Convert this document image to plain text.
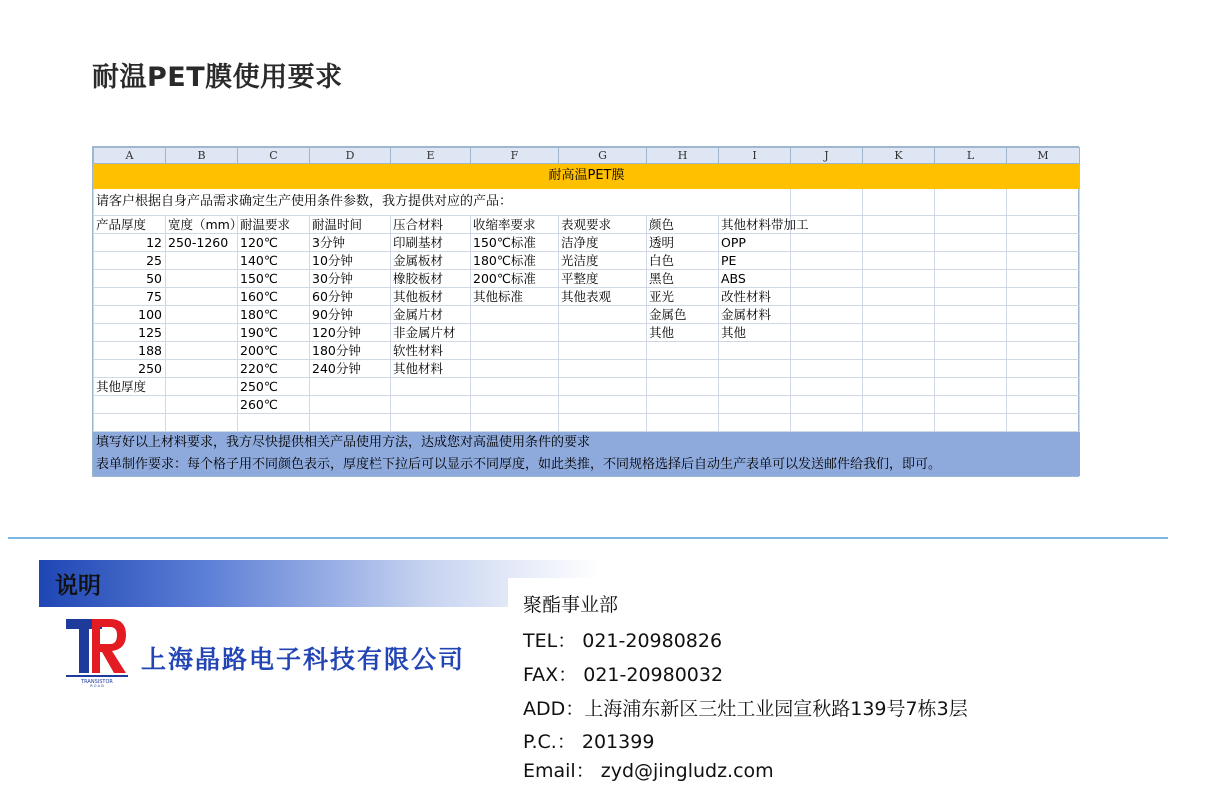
耐温PET膜使用要求
A	B	C	D	E	F	G	H	I	J	K	L	M
耐高温PET膜												
请客户根据自身产品需求确定生产使用条件参数，我方提供对应的产品：												
产品厚度	宽度（mm）	耐温要求	耐温时间	压合材料	收缩率要求	表观要求	颜色	其他材料带加工				
12	250-1260	120℃	3分钟	印刷基材	150℃标准	洁净度	透明	OPP				
25		140℃	10分钟	金属板材	180℃标准	光洁度	白色	PE				
50		150℃	30分钟	橡胶板材	200℃标准	平整度	黑色	ABS				
75		160℃	60分钟	其他板材	其他标准	其他表观	亚光	改性材料				
100		180℃	90分钟	金属片材			金属色	金属材料				
125		190℃	120分钟	非金属片材			其他	其他				
188		200℃	180分钟	软性材料								
250		220℃	240分钟	其他材料								
其他厚度		250℃										
		260℃										

填写好以上材料要求，我方尽快提供相关产品使用方法，达成您对高温使用条件的要求												
表单制作要求：每个格子用不同颜色表示，厚度栏下拉后可以显示不同厚度，如此类推，不同规格选择后自动生产表单可以发送邮件给我们，即可。												
说明
TRANSISTOR
R O A D
上海晶路电子科技有限公司
聚酯事业部
TEL： 021-20980826
FAX： 021-20980032
ADD：上海浦东新区三灶工业园宣秋路139号7栋3层
P.C.： 201399
Email： zyd@jingludz.com
